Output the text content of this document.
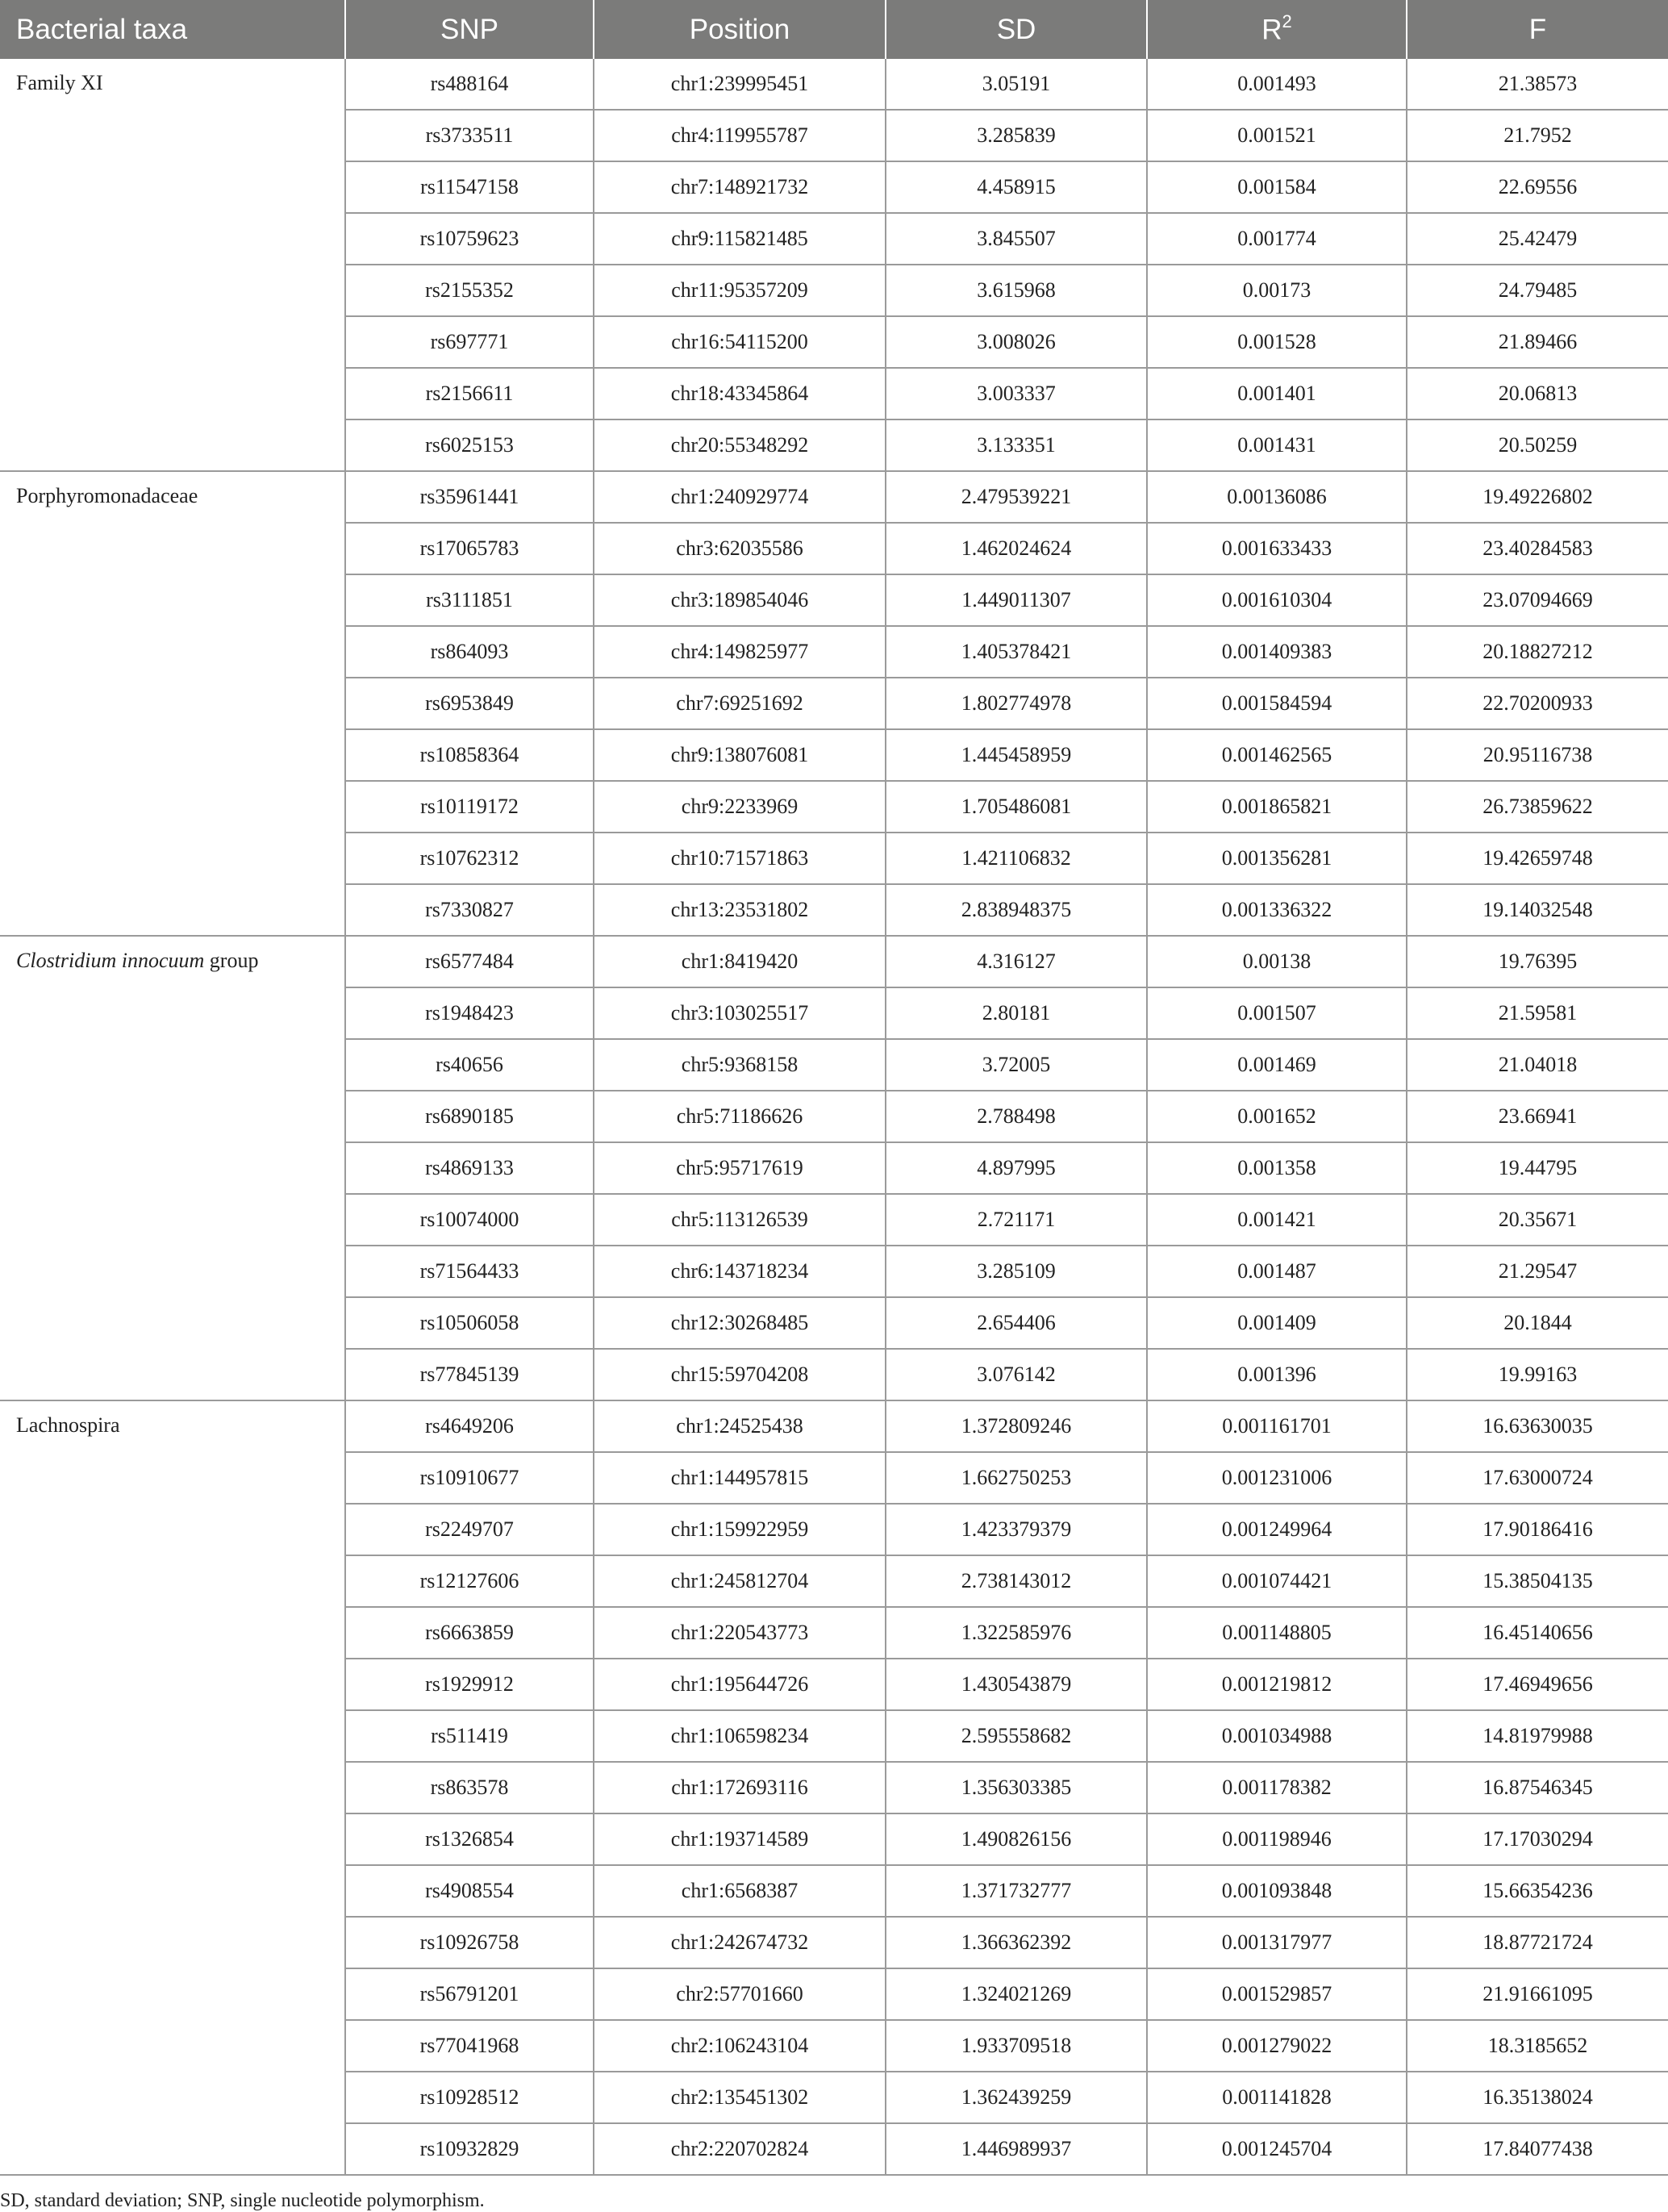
Bacterial taxa	SNP	Position	SD	$R^2$	F
Family XI	rs488164	chr1:239995451	3.05191	0.001493	21.38573
	rs3733511	chr4:119955787	3.285839	0.001521	21.7952
	rs11547158	chr7:148921732	4.458915	0.001584	22.69556
	rs10759623	chr9:115821485	3.845507	0.001774	25.42479
	rs2155352	chr11:95357209	3.615968	0.00173	24.79485
	rs697771	chr16:54115200	3.008026	0.001528	21.89466
	rs2156611	chr18:43345864	3.003337	0.001401	20.06813
	rs6025153	chr20:55348292	3.133351	0.001431	20.50259
Porphyromonadaceae	rs35961441	chr1:240929774	2.479539221	0.00136086	19.49226802
	rs17065783	chr3:62035586	1.462024624	0.001633433	23.40284583
	rs3111851	chr3:189854046	1.449011307	0.001610304	23.07094669
	rs864093	chr4:149825977	1.405378421	0.001409383	20.18827212
	rs6953849	chr7:69251692	1.802774978	0.001584594	22.70200933
	rs10858364	chr9:138076081	1.445458959	0.001462565	20.95116738
	rs10119172	chr9:2233969	1.705486081	0.001865821	26.73859622
	rs10762312	chr10:71571863	1.421106832	0.001356281	19.42659748
	rs7330827	chr13:23531802	2.838948375	0.001336322	19.14032548
Clostridium innocuum group	rs6577484	chr1:8419420	4.316127	0.00138	19.76395
	rs1948423	chr3:103025517	2.80181	0.001507	21.59581
	rs40656	chr5:9368158	3.72005	0.001469	21.04018
	rs6890185	chr5:71186626	2.788498	0.001652	23.66941
	rs4869133	chr5:95717619	4.897995	0.001358	19.44795
	rs10074000	chr5:113126539	2.721171	0.001421	20.35671
	rs71564433	chr6:143718234	3.285109	0.001487	21.29547
	rs10506058	chr12:30268485	2.654406	0.001409	20.1844
	rs77845139	chr15:59704208	3.076142	0.001396	19.99163
Lachnospira	rs4649206	chr1:24525438	1.372809246	0.001161701	16.63630035
	rs10910677	chr1:144957815	1.662750253	0.001231006	17.63000724
	rs2249707	chr1:159922959	1.423379379	0.001249964	17.90186416
	rs12127606	chr1:245812704	2.738143012	0.001074421	15.38504135
	rs6663859	chr1:220543773	1.322585976	0.001148805	16.45140656
	rs1929912	chr1:195644726	1.430543879	0.001219812	17.46949656
	rs511419	chr1:106598234	2.595558682	0.001034988	14.81979988
	rs863578	chr1:172693116	1.356303385	0.001178382	16.87546345
	rs1326854	chr1:193714589	1.490826156	0.001198946	17.17030294
	rs4908554	chr1:6568387	1.371732777	0.001093848	15.66354236
	rs10926758	chr1:242674732	1.366362392	0.001317977	18.87721724
	rs56791201	chr2:57701660	1.324021269	0.001529857	21.91661095
	rs77041968	chr2:106243104	1.933709518	0.001279022	18.3185652
	rs10928512	chr2:135451302	1.362439259	0.001141828	16.35138024
	rs10932829	chr2:220702824	1.446989937	0.001245704	17.84077438

SD, standard deviation; SNP, single nucleotide polymorphism.
